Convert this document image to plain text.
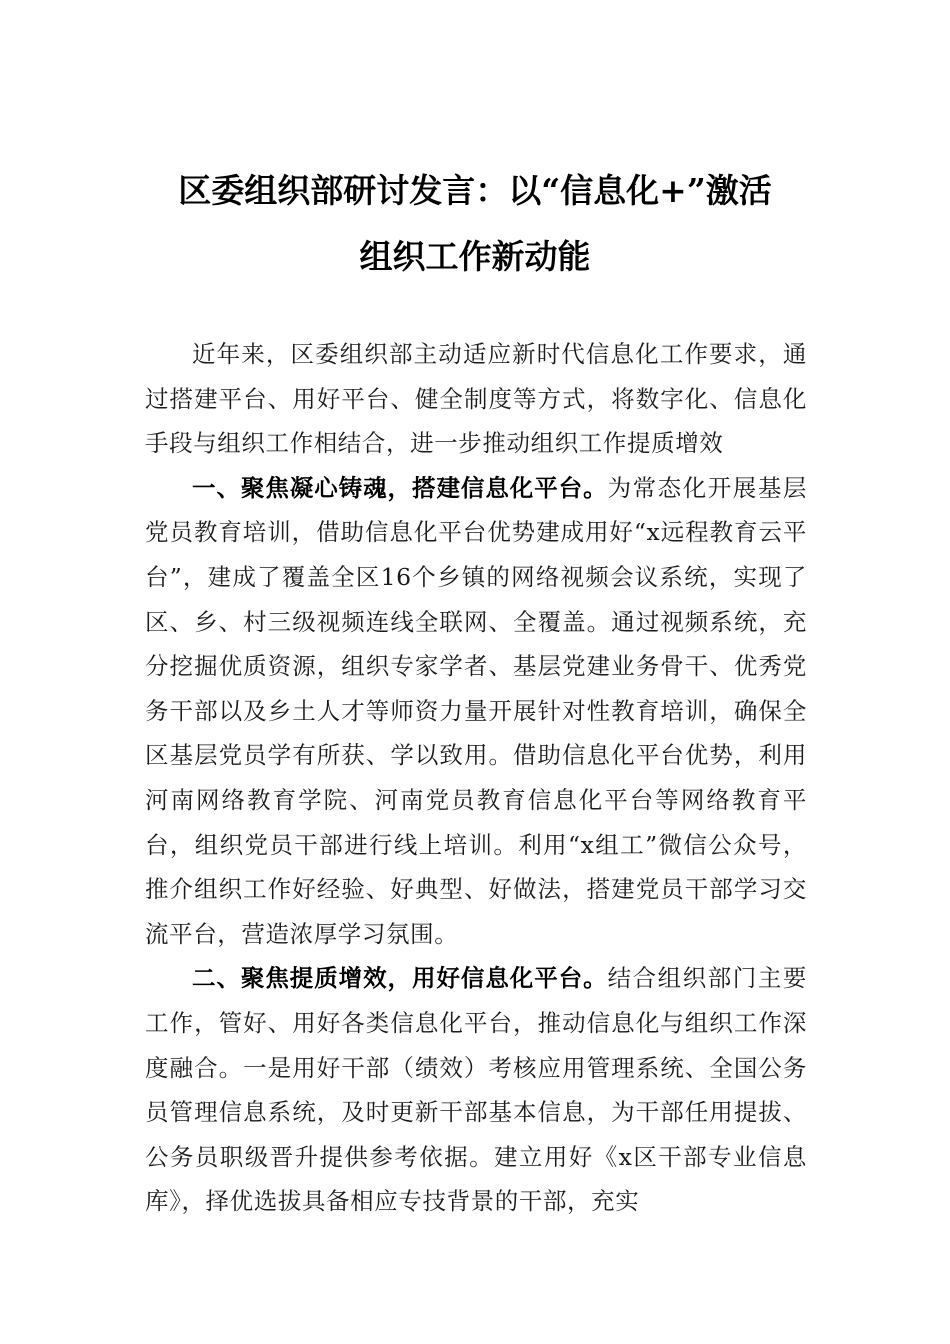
区委组织部研讨发言：以“信息化+”激活
组织工作新动能

近年来，区委组织部主动适应新时代信息化工作要求，通过搭建平台、用好平台、健全制度等方式，将数字化、信息化手段与组织工作相结合，进一步推动组织工作提质增效

一、聚焦凝心铸魂，搭建信息化平台。为常态化开展基层党员教育培训，借助信息化平台优势建成用好“x远程教育云平台”，建成了覆盖全区16个乡镇的网络视频会议系统，实现了区、乡、村三级视频连线全联网、全覆盖。通过视频系统，充分挖掘优质资源，组织专家学者、基层党建业务骨干、优秀党务干部以及乡土人才等师资力量开展针对性教育培训，确保全区基层党员学有所获、学以致用。借助信息化平台优势，利用河南网络教育学院、河南党员教育信息化平台等网络教育平台，组织党员干部进行线上培训。利用“x组工”微信公众号，推介组织工作好经验、好典型、好做法，搭建党员干部学习交流平台，营造浓厚学习氛围。

二、聚焦提质增效，用好信息化平台。结合组织部门主要工作，管好、用好各类信息化平台，推动信息化与组织工作深度融合。一是用好干部（绩效）考核应用管理系统、全国公务员管理信息系统，及时更新干部基本信息，为干部任用提拔、公务员职级晋升提供参考依据。建立用好《x区干部专业信息库》，择优选拔具备相应专技背景的干部，充实
